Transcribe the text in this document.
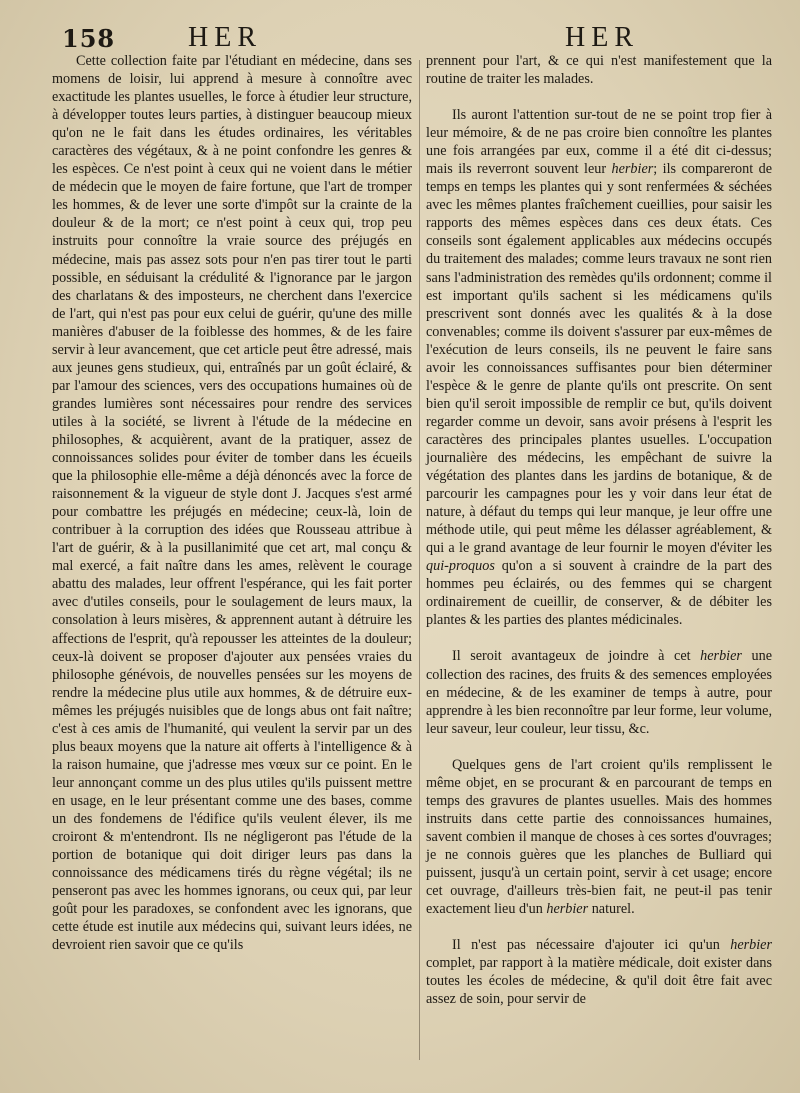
158	HER	HER

Cette collection faite par l'étudiant en médecine, dans ses momens de loisir, lui apprend à mesure à connoître avec exactitude les plantes usuelles, le force à étudier leur structure, à développer toutes leurs parties, à distinguer beaucoup mieux qu'on ne le fait dans les études ordinaires, les véritables caractères des végétaux, & à ne point confondre les genres & les espèces. Ce n'est point à ceux qui ne voient dans le métier de médecin que le moyen de faire fortune, que l'art de tromper les hommes, & de lever une sorte d'impôt sur la crainte de la douleur & de la mort; ce n'est point à ceux qui, trop peu instruits pour connoître la vraie source des préjugés en médecine, mais pas assez sots pour n'en pas tirer tout le parti possible, en séduisant la crédulité & l'ignorance par le jargon des charlatans & des imposteurs, ne cherchent dans l'exercice de l'art, qui n'est pas pour eux celui de guérir, qu'une des mille manières d'abuser de la foiblesse des hommes, & de les faire servir à leur avancement, que cet article peut être adressé, mais aux jeunes gens studieux, qui, entraînés par un goût éclairé, & par l'amour des sciences, vers des occupations humaines où de grandes lumières sont nécessaires pour rendre des services utiles à la société, se livrent à l'étude de la médecine en philosophes, & acquièrent, avant de la pratiquer, assez de connoissances solides pour éviter de tomber dans les écueils que la philosophie elle-même a déjà dénoncés avec la force de raisonnement & la vigueur de style dont J. Jacques s'est armé pour combattre les préjugés en médecine; ceux-là, loin de contribuer à la corruption des idées que Rousseau attribue à l'art de guérir, & à la pusillanimité que cet art, mal conçu & mal exercé, a fait naître dans les ames, relèvent le courage abattu des malades, leur offrent l'espérance, qui les fait porter avec d'utiles conseils, pour le soulagement de leurs maux, la consolation à leurs misères, & apprennent autant à détruire les affections de l'esprit, qu'à repousser les atteintes de la douleur; ceux-là doivent se proposer d'ajouter aux pensées vraies du philosophe génévois, de nouvelles pensées sur les moyens de rendre la médecine plus utile aux hommes, & de détruire eux-mêmes les préjugés nuisibles que de longs abus ont fait naître; c'est à ces amis de l'humanité, qui veulent la servir par un des plus beaux moyens que la nature ait offerts à l'intelligence & à la raison humaine, que j'adresse mes vœux sur ce point. En le leur annonçant comme un des plus utiles qu'ils puissent mettre en usage, en le leur présentant comme une des bases, comme un des fondemens de l'édifice qu'ils veulent élever, ils me croiront & m'entendront. Ils ne négligeront pas l'étude de la portion de botanique qui doit diriger leurs pas dans la connoissance des médicamens tirés du règne végétal; ils ne penseront pas avec les hommes ignorans, ou ceux qui, par leur goût pour les paradoxes, se confondent avec les ignorans, que cette étude est inutile aux médecins qui, suivant leurs idées, ne devroient rien savoir que ce qu'ils

prennent pour l'art, & ce qui n'est manifestement que la routine de traiter les malades.

Ils auront l'attention sur-tout de ne se point trop fier à leur mémoire, & de ne pas croire bien connoître les plantes une fois arrangées par eux, comme il a été dit ci-dessus; mais ils reverront souvent leur herbier; ils compareront de temps en temps les plantes qui y sont renfermées & séchées avec les mêmes plantes fraîchement cueillies, pour saisir les rapports des mêmes espèces dans ces deux états. Ces conseils sont également applicables aux médecins occupés du traitement des malades; comme leurs travaux ne sont rien sans l'administration des remèdes qu'ils ordonnent; comme il est important qu'ils sachent si les médicamens qu'ils prescrivent sont donnés avec les qualités & à la dose convenables; comme ils doivent s'assurer par eux-mêmes de l'exécution de leurs conseils, ils ne peuvent le faire sans avoir les connoissances suffisantes pour bien déterminer l'espèce & le genre de plante qu'ils ont prescrite. On sent bien qu'il seroit impossible de remplir ce but, qu'ils doivent regarder comme un devoir, sans avoir présens à l'esprit les caractères des principales plantes usuelles. L'occupation journalière des médecins, les empêchant de suivre la végétation des plantes dans les jardins de botanique, & de parcourir les campagnes pour les y voir dans leur état de nature, à défaut du temps qui leur manque, je leur offre une méthode utile, qui peut même les délasser agréablement, & qui a le grand avantage de leur fournir le moyen d'éviter les qui-proquos qu'on a si souvent à craindre de la part des hommes peu éclairés, ou des femmes qui se chargent ordinairement de cueillir, de conserver, & de débiter les plantes & les parties des plantes médicinales.

Il seroit avantageux de joindre à cet herbier une collection des racines, des fruits & des semences employées en médecine, & de les examiner de temps à autre, pour apprendre à les bien reconnoître par leur forme, leur volume, leur saveur, leur couleur, leur tissu, &c.

Quelques gens de l'art croient qu'ils remplissent le même objet, en se procurant & en parcourant de temps en temps des gravures de plantes usuelles. Mais des hommes instruits dans cette partie des connoissances humaines, savent combien il manque de choses à ces sortes d'ouvrages; je ne connois guères que les planches de Bulliard qui puissent, jusqu'à un certain point, servir à cet usage; encore cet ouvrage, d'ailleurs très-bien fait, ne peut-il pas tenir exactement lieu d'un herbier naturel.

Il n'est pas nécessaire d'ajouter ici qu'un herbier complet, par rapport à la matière médicale, doit exister dans toutes les écoles de médecine, & qu'il doit être fait avec assez de soin, pour servir de
